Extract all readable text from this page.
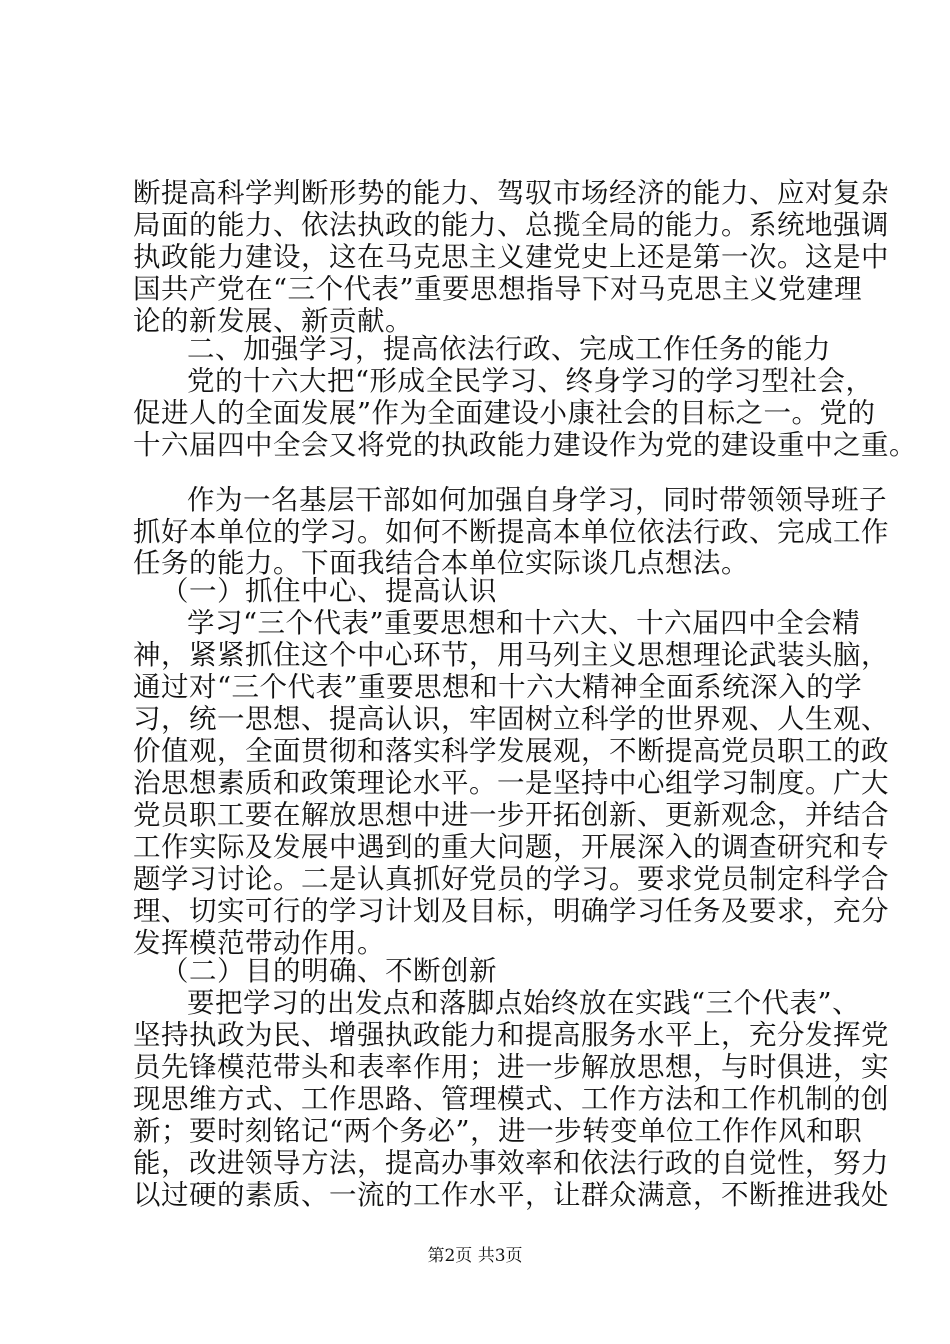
断提高科学判断形势的能力、驾驭市场经济的能力、应对复杂
局面的能力、依法执政的能力、总揽全局的能力。系统地强调
执政能力建设，这在马克思主义建党史上还是第一次。这是中
国共产党在“三个代表”重要思想指导下对马克思主义党建理
论的新发展、新贡献。
二、加强学习，提高依法行政、完成工作任务的能力
党的十六大把“形成全民学习、终身学习的学习型社会，
促进人的全面发展”作为全面建设小康社会的目标之一。党的
十六届四中全会又将党的执政能力建设作为党的建设重中之重。
作为一名基层干部如何加强自身学习，同时带领领导班子
抓好本单位的学习。如何不断提高本单位依法行政、完成工作
任务的能力。下面我结合本单位实际谈几点想法。
（一）抓住中心、提高认识
学习“三个代表”重要思想和十六大、十六届四中全会精
神，紧紧抓住这个中心环节，用马列主义思想理论武装头脑，
通过对“三个代表”重要思想和十六大精神全面系统深入的学
习，统一思想、提高认识，牢固树立科学的世界观、人生观、
价值观，全面贯彻和落实科学发展观，不断提高党员职工的政
治思想素质和政策理论水平。一是坚持中心组学习制度。广大
党员职工要在解放思想中进一步开拓创新、更新观念，并结合
工作实际及发展中遇到的重大问题，开展深入的调查研究和专
题学习讨论。二是认真抓好党员的学习。要求党员制定科学合
理、切实可行的学习计划及目标，明确学习任务及要求，充分
发挥模范带动作用。
（二）目的明确、不断创新
要把学习的出发点和落脚点始终放在实践“三个代表”、
坚持执政为民、增强执政能力和提高服务水平上，充分发挥党
员先锋模范带头和表率作用；进一步解放思想，与时俱进，实
现思维方式、工作思路、管理模式、工作方法和工作机制的创
新；要时刻铭记“两个务必”，进一步转变单位工作作风和职
能，改进领导方法，提高办事效率和依法行政的自觉性，努力
以过硬的素质、一流的工作水平，让群众满意，不断推进我处
第2页 共3页
